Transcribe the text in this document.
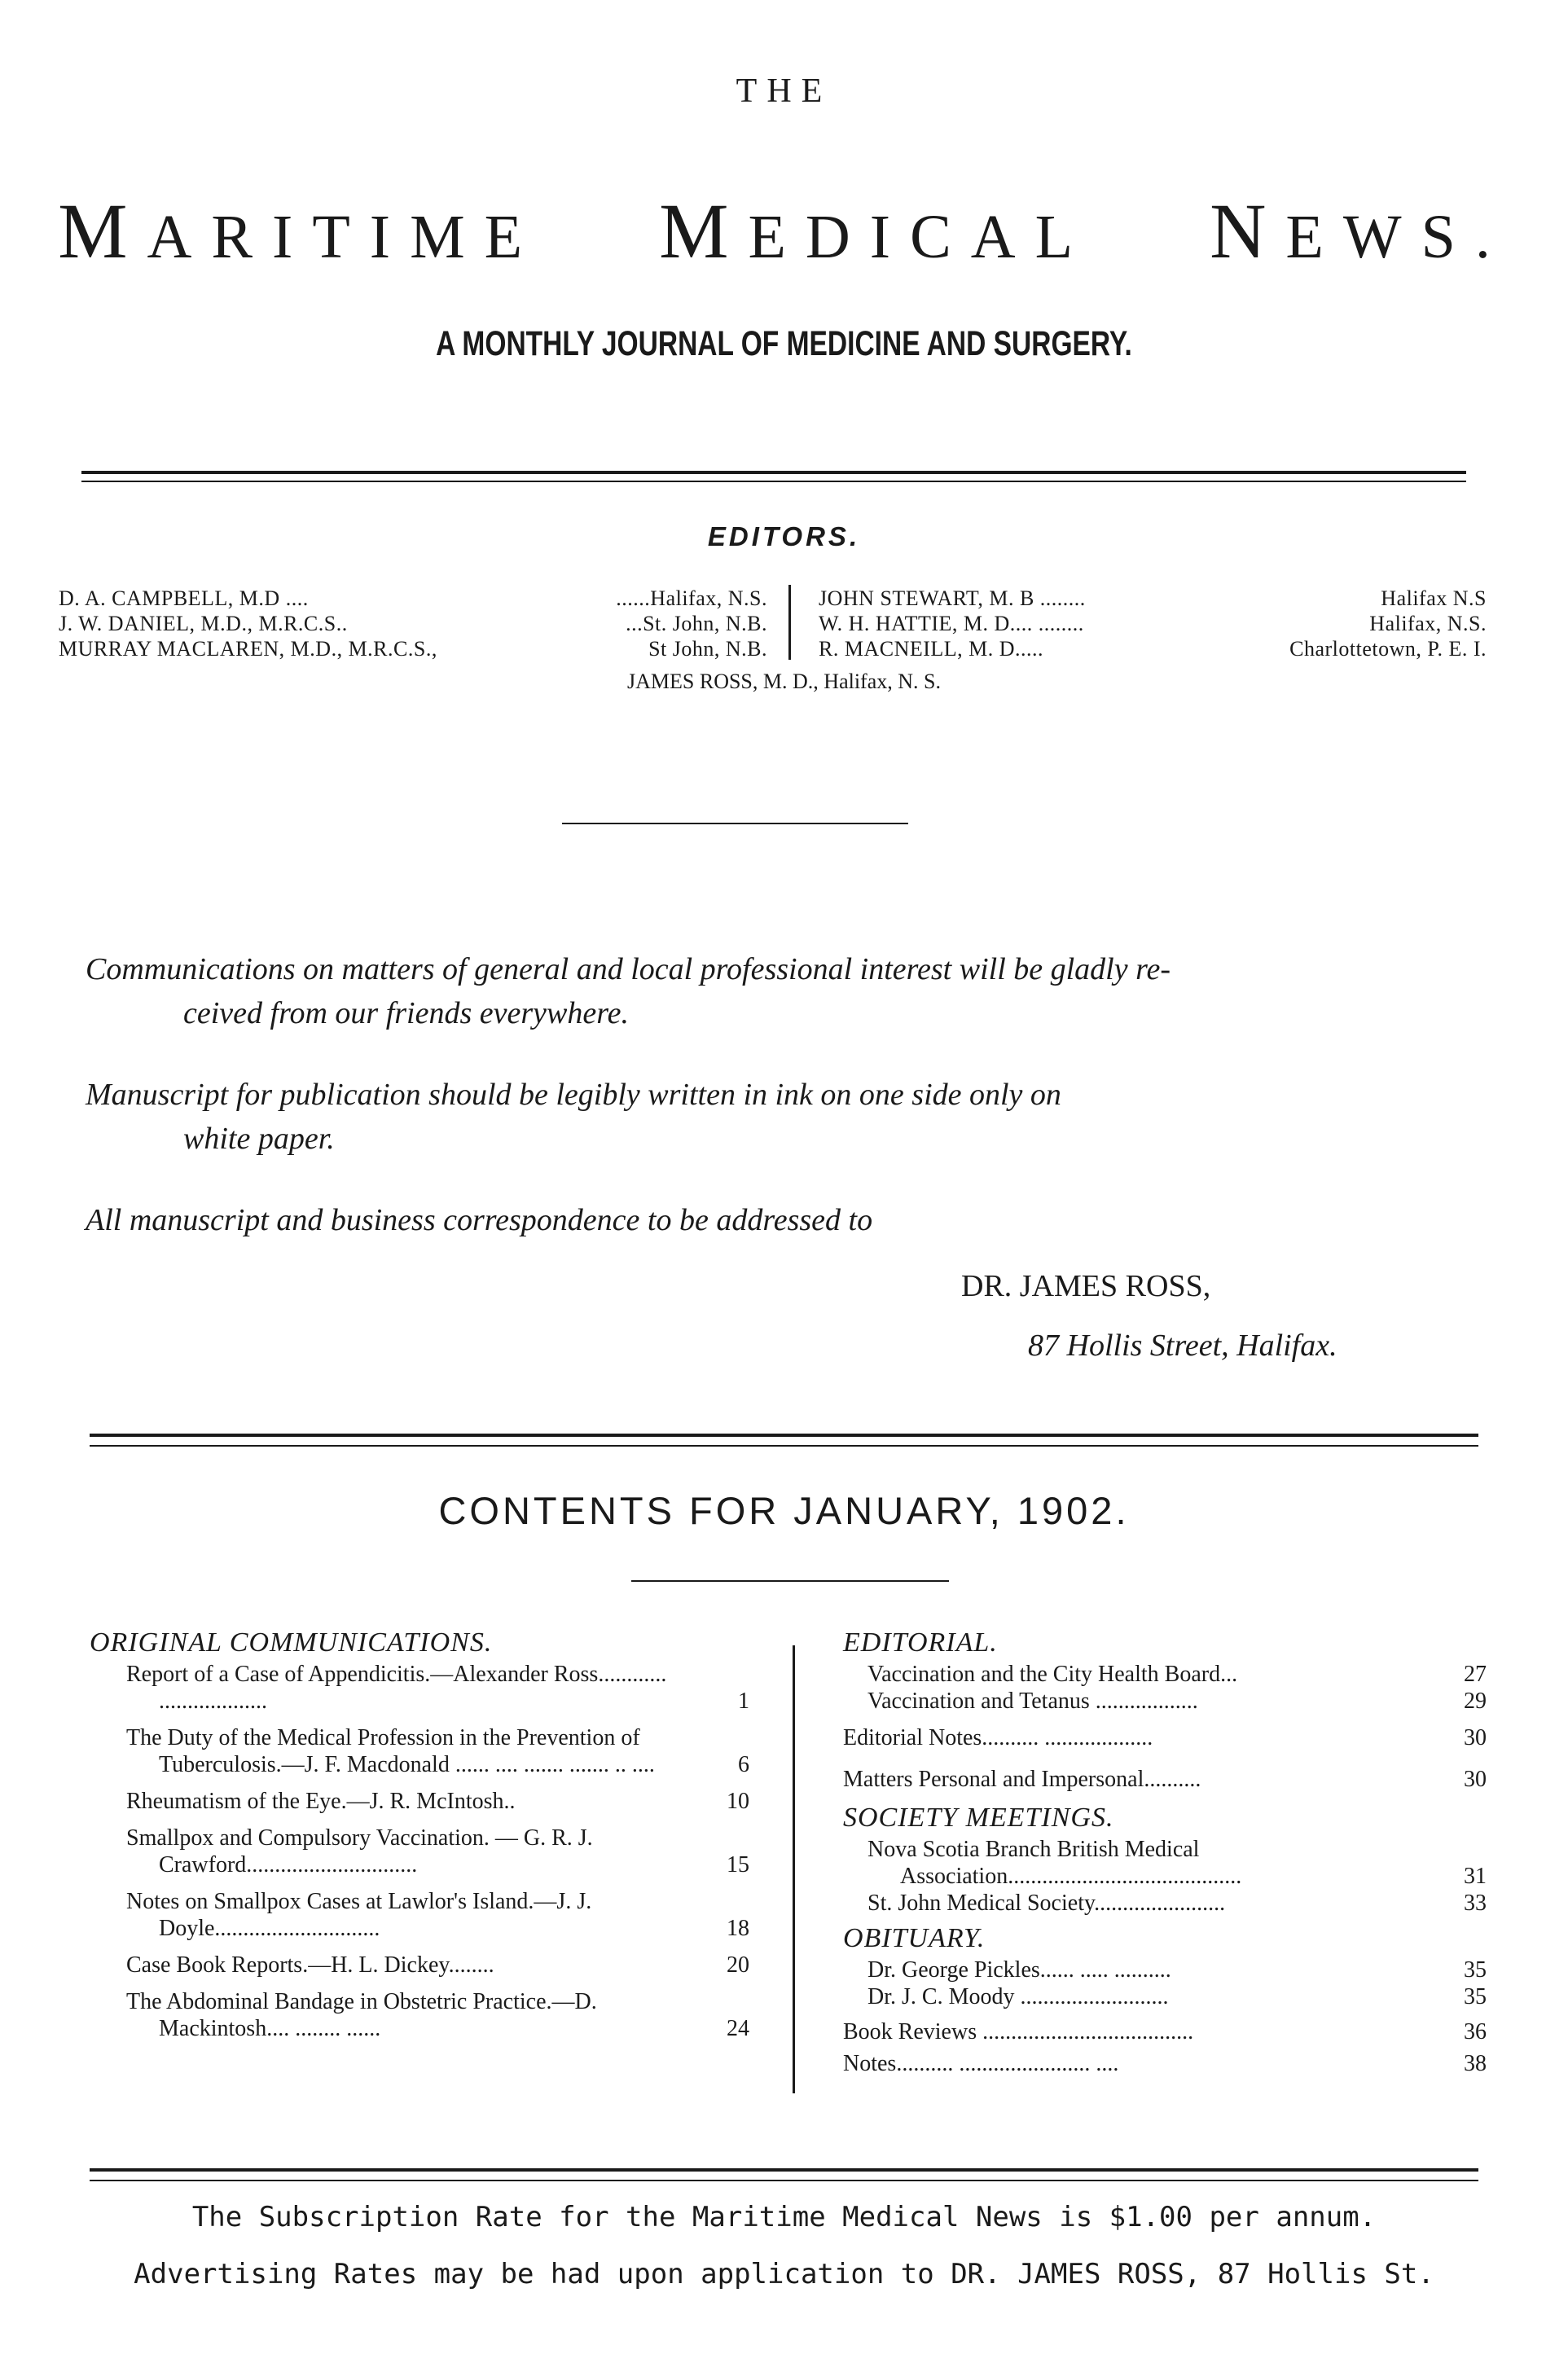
THE
MARITIME MEDICAL NEWS.
A MONTHLY JOURNAL OF MEDICINE AND SURGERY.
EDITORS.
D. A. CAMPBELL, M.D ....	......Halifax, N.S.
J. W. DANIEL, M.D., M.R.C.S..	...St. John, N.B.
MURRAY MACLAREN, M.D., M.R.C.S.,	St John, N.B.
JOHN STEWART, M. B ........	Halifax N.S
W. H. HATTIE, M. D.... ........	Halifax, N.S.
R. MACNEILL, M. D.....	Charlottetown, P. E. I.
JAMES ROSS, M. D., Halifax, N. S.

Communications on matters of general and local professional interest will be gladly re-

ceived from our friends everywhere.

Manuscript for publication should be legibly written in ink on one side only on

white paper.

All manuscript and business correspondence to be addressed to

DR. JAMES ROSS,
87 Hollis Street, Halifax.
CONTENTS FOR JANUARY, 1902.
ORIGINAL COMMUNICATIONS.
Report of a Case of Appendicitis.—Alexander Ross............ ...................	1
The Duty of the Medical Profession in the Prevention of Tuberculosis.—J. F. Macdonald ...... .... ....... ....... .. ....	6
Rheumatism of the Eye.—J. R. McIntosh..	10
Smallpox and Compulsory Vaccination. — G. R. J. Crawford..............................	15
Notes on Smallpox Cases at Lawlor's Island.—J. J. Doyle.............................	18
Case Book Reports.—H. L. Dickey........	20
The Abdominal Bandage in Obstetric Practice.—D. Mackintosh.... ........ ......	24
EDITORIAL.
Vaccination and the City Health Board...	27
Vaccination and Tetanus ..................	29
Editorial Notes.......... ...................	30
Matters Personal and Impersonal..........	30
SOCIETY MEETINGS.
Nova Scotia Branch British Medical Association.........................................	31
St. John Medical Society.......................	33
OBITUARY.
Dr. George Pickles...... ..... ..........	35
Dr. J. C. Moody ..........................	35
Book Reviews .....................................	36
Notes.......... ....................... ....	38
The Subscription Rate for the Maritime Medical News is $1.00 per annum.
Advertising Rates may be had upon application to DR. JAMES ROSS, 87 Hollis St.
